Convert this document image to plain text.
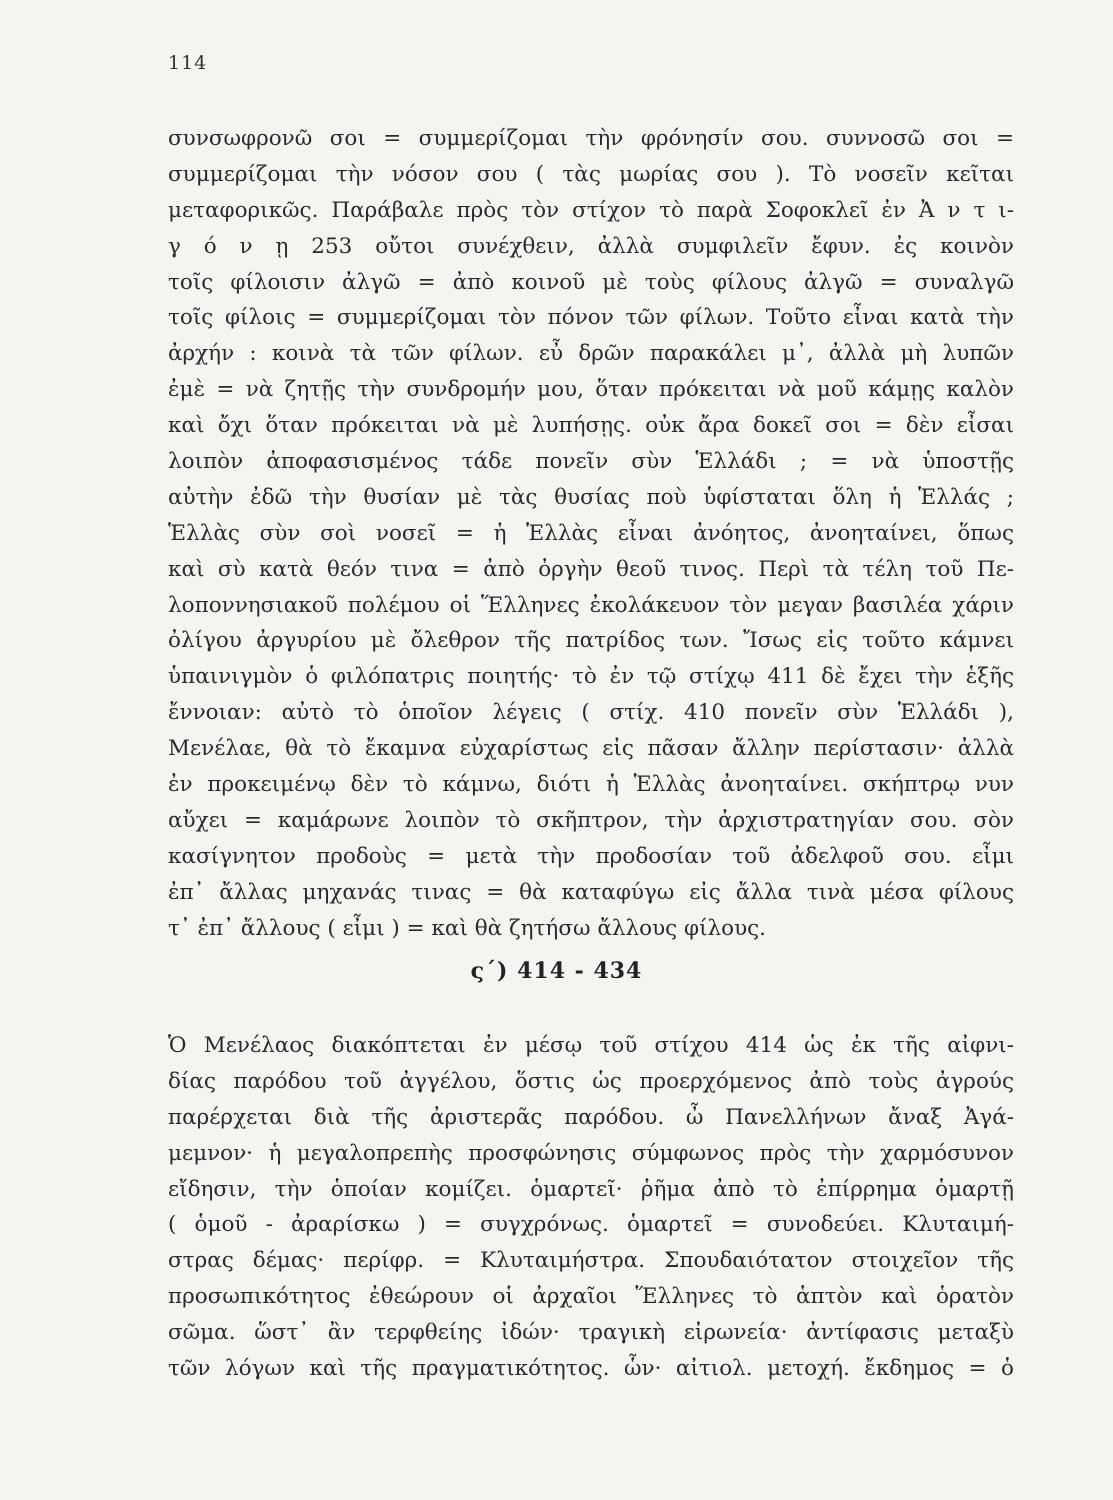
114
συνσωφρονῶ σοι = συμμερίζομαι τὴν φρόνησίν σου. συννοσῶ σοι =
συμμερίζομαι τὴν νόσον σου ( τὰς μωρίας σου ). Τὸ νοσεῖν κεῖται
μεταφορικῶς. Παράβαλε πρὸς τὸν στίχον τὸ παρὰ Σοφοκλεῖ ἐν Ἀ ν τ ι-
γ ό ν ῃ 253 οὔτοι συνέχθειν, ἀλλὰ συμφιλεῖν ἔφυν. ἐς κοινὸν
τοῖς φίλοισιν ἀλγῶ = ἀπὸ κοινοῦ μὲ τοὺς φίλους ἀλγῶ = συναλγῶ
τοῖς φίλοις = συμμερίζομαι τὸν πόνον τῶν φίλων. Τοῦτο εἶναι κατὰ τὴν
ἀρχήν : κοινὰ τὰ τῶν φίλων. εὖ δρῶν παρακάλει μ᾽, ἀλλὰ μὴ λυπῶν
ἐμὲ = νὰ ζητῇς τὴν συνδρομήν μου, ὅταν πρόκειται νὰ μοῦ κάμῃς καλὸν
καὶ ὄχι ὅταν πρόκειται νὰ μὲ λυπήσῃς. οὐκ ἄρα δοκεῖ σοι = δὲν εἶσαι
λοιπὸν ἀποφασισμένος τάδε πονεῖν σὺν Ἑλλάδι ; = νὰ ὑποστῇς
αὐτὴν ἐδῶ τὴν θυσίαν μὲ τὰς θυσίας ποὺ ὑφίσταται ὅλη ἡ Ἑλλάς ;
Ἑλλὰς σὺν σοὶ νοσεῖ = ἡ Ἑλλὰς εἶναι ἀνόητος, ἀνοηταίνει, ὅπως
καὶ σὺ κατὰ θεόν τινα = ἀπὸ ὀργὴν θεοῦ τινος. Περὶ τὰ τέλη τοῦ Πε-
λοποννησιακοῦ πολέμου οἱ Ἕλληνες ἐκολάκευον τὸν μεγαν βασιλέα χάριν
ὀλίγου ἀργυρίου μὲ ὄλεθρον τῆς πατρίδος των. Ἴσως εἰς τοῦτο κάμνει
ὑπαινιγμὸν ὁ φιλόπατρις ποιητής· τὸ ἐν τῷ στίχῳ 411 δὲ ἔχει τὴν ἑξῆς
ἔννοιαν: αὐτὸ τὸ ὁποῖον λέγεις ( στίχ. 410 πονεῖν σὺν Ἑλλάδι ),
Μενέλαε, θὰ τὸ ἔκαμνα εὐχαρίστως εἰς πᾶσαν ἄλλην περίστασιν· ἀλλὰ
ἐν προκειμένῳ δὲν τὸ κάμνω, διότι ἡ Ἑλλὰς ἀνοηταίνει. σκήπτρῳ νυν
αὔχει = καμάρωνε λοιπὸν τὸ σκῆπτρον, τὴν ἀρχιστρατηγίαν σου. σὸν
κασίγνητον προδοὺς = μετὰ τὴν προδοσίαν τοῦ ἀδελφοῦ σου. εἶμι
ἐπ᾽ ἄλλας μηχανάς τινας = θὰ καταφύγω εἰς ἄλλα τινὰ μέσα φίλους
τ᾽ ἐπ᾽ ἄλλους ( εἶμι ) = καὶ θὰ ζητήσω ἄλλους φίλους.
ς΄) 414 - 434
Ὁ Μενέλαος διακόπτεται ἐν μέσῳ τοῦ στίχου 414 ὡς ἐκ τῆς αἰφνι-
δίας παρόδου τοῦ ἀγγέλου, ὅστις ὡς προερχόμενος ἀπὸ τοὺς ἀγρούς
παρέρχεται διὰ τῆς ἀριστερᾶς παρόδου. ὦ Πανελλήνων ἄναξ Ἀγά-
μεμνον· ἡ μεγαλοπρεπὴς προσφώνησις σύμφωνος πρὸς τὴν χαρμόσυνον
εἴδησιν, τὴν ὁποίαν κομίζει. ὁμαρτεῖ· ῥῆμα ἀπὸ τὸ ἐπίρρημα ὁμαρτῇ
( ὁμοῦ - ἀραρίσκω ) = συγχρόνως. ὁμαρτεῖ = συνοδεύει. Κλυταιμή-
στρας δέμας· περίφρ. = Κλυταιμήστρα. Σπουδαιότατον στοιχεῖον τῆς
προσωπικότητος ἐθεώρουν οἱ ἀρχαῖοι Ἕλληνες τὸ ἁπτὸν καὶ ὁρατὸν
σῶμα. ὥστ᾽ ἂν τερφθείης ἰδών· τραγικὴ εἰρωνεία· ἀντίφασις μεταξὺ
τῶν λόγων καὶ τῆς πραγματικότητος. ὧν· αἰτιολ. μετοχή. ἔκδημος = ὁ
